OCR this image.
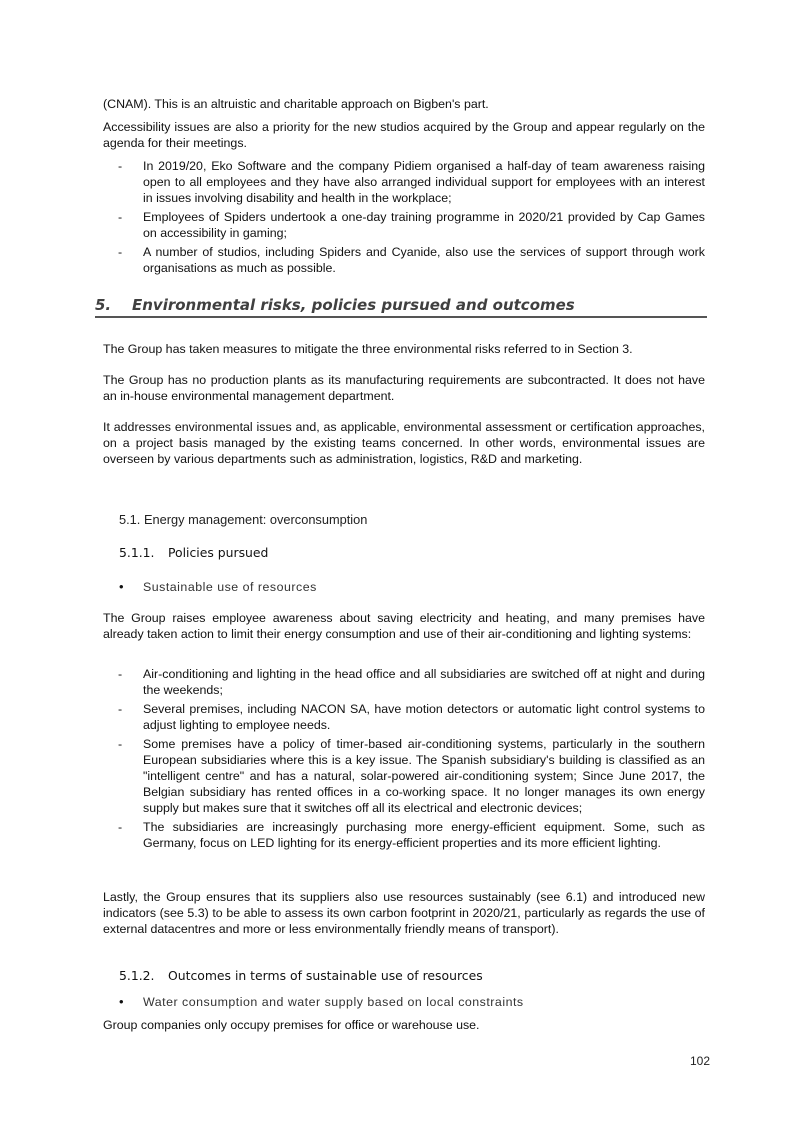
(CNAM). This is an altruistic and charitable approach on Bigben's part.

Accessibility issues are also a priority for the new studios acquired by the Group and appear regularly on the agenda for their meetings.

- In 2019/20, Eko Software and the company Pidiem organised a half-day of team awareness raising open to all employees and they have also arranged individual support for employees with an interest in issues involving disability and health in the workplace;
- Employees of Spiders undertook a one-day training programme in 2020/21 provided by Cap Games on accessibility in gaming;
- A number of studios, including Spiders and Cyanide, also use the services of support through work organisations as much as possible.
5. Environmental risks, policies pursued and outcomes

The Group has taken measures to mitigate the three environmental risks referred to in Section 3.

The Group has no production plants as its manufacturing requirements are subcontracted. It does not have an in-house environmental management department.

It addresses environmental issues and, as applicable, environmental assessment or certification approaches, on a project basis managed by the existing teams concerned. In other words, environmental issues are overseen by various departments such as administration, logistics, R&D and marketing.

5.1. Energy management: overconsumption
5.1.1. Policies pursued
• Sustainable use of resources

The Group raises employee awareness about saving electricity and heating, and many premises have already taken action to limit their energy consumption and use of their air-conditioning and lighting systems:

- Air-conditioning and lighting in the head office and all subsidiaries are switched off at night and during the weekends;
- Several premises, including NACON SA, have motion detectors or automatic light control systems to adjust lighting to employee needs.
- Some premises have a policy of timer-based air-conditioning systems, particularly in the southern European subsidiaries where this is a key issue. The Spanish subsidiary's building is classified as an "intelligent centre" and has a natural, solar-powered air-conditioning system; Since June 2017, the Belgian subsidiary has rented offices in a co-working space. It no longer manages its own energy supply but makes sure that it switches off all its electrical and electronic devices;
- The subsidiaries are increasingly purchasing more energy-efficient equipment. Some, such as Germany, focus on LED lighting for its energy-efficient properties and its more efficient lighting.

Lastly, the Group ensures that its suppliers also use resources sustainably (see 6.1) and introduced new indicators (see 5.3) to be able to assess its own carbon footprint in 2020/21, particularly as regards the use of external datacentres and more or less environmentally friendly means of transport).

5.1.2. Outcomes in terms of sustainable use of resources
• Water consumption and water supply based on local constraints

Group companies only occupy premises for office or warehouse use.

102
